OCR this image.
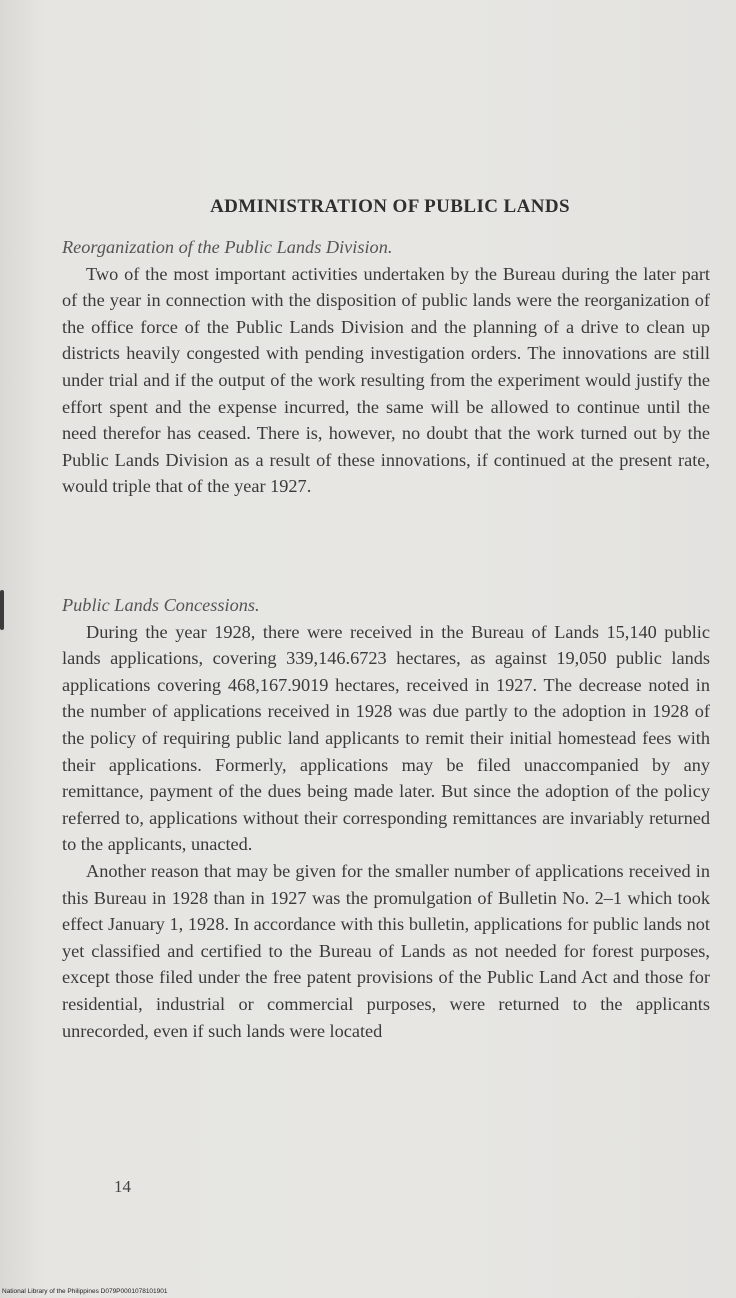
ADMINISTRATION OF PUBLIC LANDS
Reorganization of the Public Lands Division.

Two of the most important activities undertaken by the Bureau during the later part of the year in connection with the disposition of public lands were the reorganization of the office force of the Public Lands Division and the planning of a drive to clean up districts heavily congested with pending investigation orders. The innovations are still under trial and if the output of the work resulting from the experiment would justify the effort spent and the expense incurred, the same will be allowed to continue until the need therefor has ceased. There is, however, no doubt that the work turned out by the Public Lands Division as a result of these innovations, if continued at the present rate, would triple that of the year 1927.

Public Lands Concessions.

During the year 1928, there were received in the Bureau of Lands 15,140 public lands applications, covering 339,146.6723 hectares, as against 19,050 public lands applications covering 468,167.9019 hectares, received in 1927. The decrease noted in the number of applications received in 1928 was due partly to the adoption in 1928 of the policy of requiring public land applicants to remit their initial homestead fees with their applications. Formerly, applications may be filed unaccompanied by any remittance, payment of the dues being made later. But since the adoption of the policy referred to, applications without their corresponding remittances are invariably returned to the applicants, unacted.

Another reason that may be given for the smaller number of applications received in this Bureau in 1928 than in 1927 was the promulgation of Bulletin No. 2–1 which took effect January 1, 1928. In accordance with this bulletin, applications for public lands not yet classified and certified to the Bureau of Lands as not needed for forest purposes, except those filed under the free patent provisions of the Public Land Act and those for residential, industrial or commercial purposes, were returned to the applicants unrecorded, even if such lands were located

14
National Library of the Philippines D079P0001078101901
